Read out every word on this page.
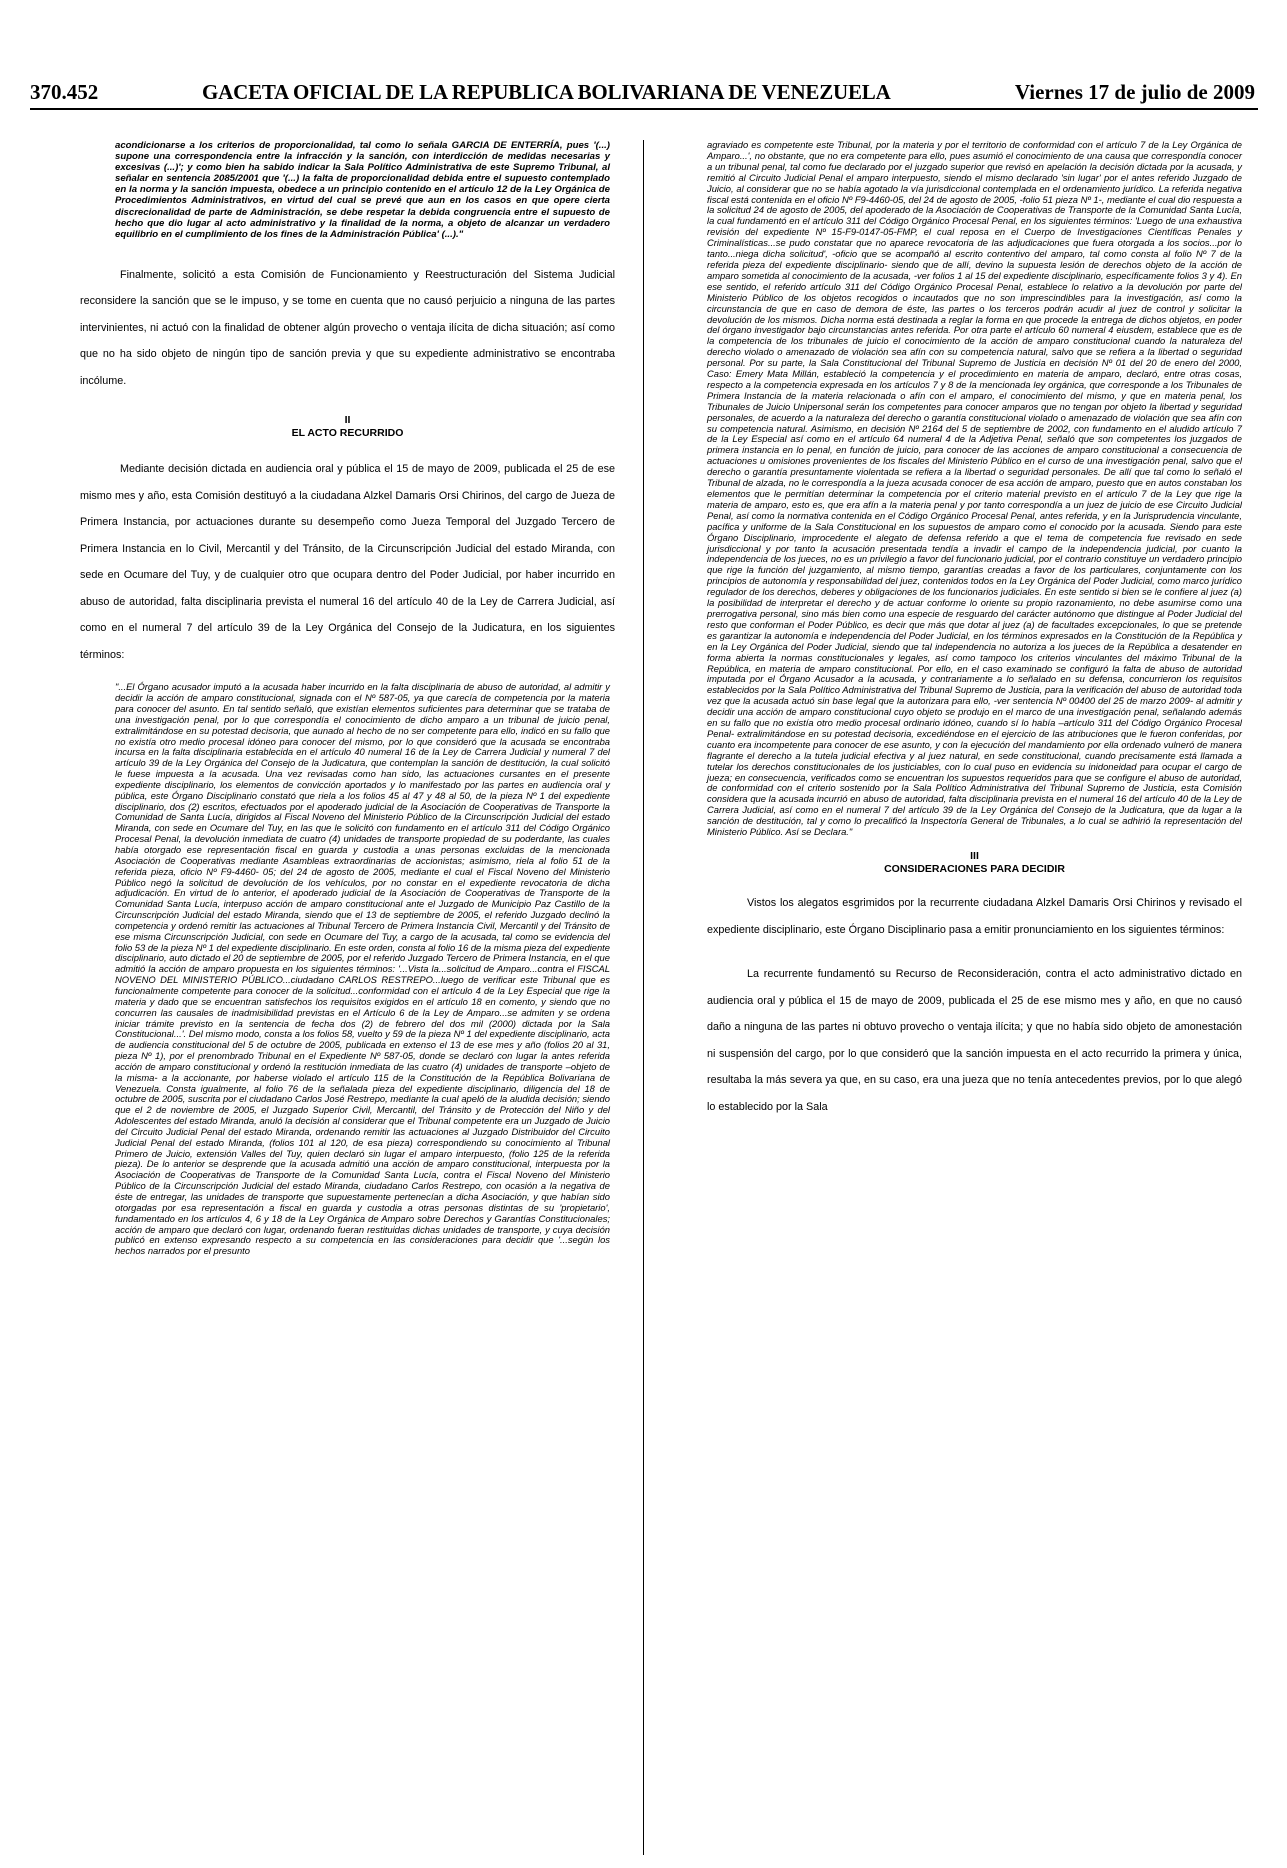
370.452	GACETA OFICIAL DE LA REPUBLICA BOLIVARIANA DE VENEZUELA	Viernes 17 de julio de 2009

acondicionarse a los criterios de proporcionalidad, tal como lo señala GARCIA DE ENTERRÍA, pues '(...) supone una correspondencia entre la infracción y la sanción, con interdicción de medidas necesarias y excesivas (...)'; y como bien ha sabido indicar la Sala Político Administrativa de este Supremo Tribunal, al señalar en sentencia 2085/2001 que '(...) la falta de proporcionalidad debida entre el supuesto contemplado en la norma y la sanción impuesta, obedece a un principio contenido en el artículo 12 de la Ley Orgánica de Procedimientos Administrativos, en virtud del cual se prevé que aun en los casos en que opere cierta discrecionalidad de parte de Administración, se debe respetar la debida congruencia entre el supuesto de hecho que dio lugar al acto administrativo y la finalidad de la norma, a objeto de alcanzar un verdadero equilibrio en el cumplimiento de los fines de la Administración Pública' (...)."

Finalmente, solicitó a esta Comisión de Funcionamiento y Reestructuración del Sistema Judicial reconsidere la sanción que se le impuso, y se tome en cuenta que no causó perjuicio a ninguna de las partes intervinientes, ni actuó con la finalidad de obtener algún provecho o ventaja ilícita de dicha situación; así como que no ha sido objeto de ningún tipo de sanción previa y que su expediente administrativo se encontraba incólume.

II

EL ACTO RECURRIDO

Mediante decisión dictada en audiencia oral y pública el 15 de mayo de 2009, publicada el 25 de ese mismo mes y año, esta Comisión destituyó a la ciudadana Alzkel Damaris Orsi Chirinos, del cargo de Jueza de Primera Instancia, por actuaciones durante su desempeño como Jueza Temporal del Juzgado Tercero de Primera Instancia en lo Civil, Mercantil y del Tránsito, de la Circunscripción Judicial del estado Miranda, con sede en Ocumare del Tuy, y de cualquier otro que ocupara dentro del Poder Judicial, por haber incurrido en abuso de autoridad, falta disciplinaria prevista el numeral 16 del artículo 40 de la Ley de Carrera Judicial, así como en el numeral 7 del artículo 39 de la Ley Orgánica del Consejo de la Judicatura, en los siguientes términos:

"...El Órgano acusador imputó a la acusada haber incurrido en la falta disciplinaria de abuso de autoridad, al admitir y decidir la acción de amparo constitucional, signada con el Nº 587-05, ya que carecía de competencia por la materia para conocer del asunto. En tal sentido señaló, que existían elementos suficientes para determinar que se trataba de una investigación penal, por lo que correspondía el conocimiento de dicho amparo a un tribunal de juicio penal, extralimitándose en su potestad decisoria, que aunado al hecho de no ser competente para ello, indicó en su fallo que no existía otro medio procesal idóneo para conocer del mismo, por lo que consideró que la acusada se encontraba incursa en la falta disciplinaria establecida en el artículo 40 numeral 16 de la Ley de Carrera Judicial y numeral 7 del artículo 39 de la Ley Orgánica del Consejo de la Judicatura, que contemplan la sanción de destitución, la cual solicitó le fuese impuesta a la acusada. Una vez revisadas como han sido, las actuaciones cursantes en el presente expediente disciplinario, los elementos de convicción aportados y lo manifestado por las partes en audiencia oral y pública, este Órgano Disciplinario constató que riela a los folios 45 al 47 y 48 al 50, de la pieza Nº 1 del expediente disciplinario, dos (2) escritos, efectuados por el apoderado judicial de la Asociación de Cooperativas de Transporte la Comunidad de Santa Lucía, dirigidos al Fiscal Noveno del Ministerio Público de la Circunscripción Judicial del estado Miranda, con sede en Ocumare del Tuy, en las que le solicitó con fundamento en el artículo 311 del Código Orgánico Procesal Penal, la devolución inmediata de cuatro (4) unidades de transporte propiedad de su poderdante, las cuales había otorgado ese representación fiscal en guarda y custodia a unas personas excluidas de la mencionada Asociación de Cooperativas mediante Asambleas extraordinarias de accionistas; asimismo, riela al folio 51 de la referida pieza, oficio Nº F9-4460- 05; del 24 de agosto de 2005, mediante el cual el Fiscal Noveno del Ministerio Público negó la solicitud de devolución de los vehículos, por no constar en el expediente revocatoria de dicha adjudicación. En virtud de lo anterior, el apoderado judicial de la Asociación de Cooperativas de Transporte de la Comunidad Santa Lucía, interpuso acción de amparo constitucional ante el Juzgado de Municipio Paz Castillo de la Circunscripción Judicial del estado Miranda, siendo que el 13 de septiembre de 2005, el referido Juzgado declinó la competencia y ordenó remitir las actuaciones al Tribunal Tercero de Primera Instancia Civil, Mercantil y del Tránsito de ese misma Circunscripción Judicial, con sede en Ocumare del Tuy, a cargo de la acusada, tal como se evidencia del folio 53 de la pieza Nº 1 del expediente disciplinario. En este orden, consta al folio 16 de la misma pieza del expediente disciplinario, auto dictado el 20 de septiembre de 2005, por el referido Juzgado Tercero de Primera Instancia, en el que admitió la acción de amparo propuesta en los siguientes términos: '...Vista la...solicitud de Amparo...contra el FISCAL NOVENO DEL MINISTERIO PÚBLICO...ciudadano CARLOS RESTREPO...luego de verificar este Tribunal que es funcionalmente competente para conocer de la solicitud...conformidad con el artículo 4 de la Ley Especial que rige la materia y dado que se encuentran satisfechos los requisitos exigidos en el artículo 18 en comento, y siendo que no concurren las causales de inadmisibilidad previstas en el Artículo 6 de la Ley de Amparo...se admiten y se ordena iniciar trámite previsto en la sentencia de fecha dos (2) de febrero del dos mil (2000) dictada por la Sala Constitucional...'. Del mismo modo, consta a los folios 58, vuelto y 59 de la pieza Nº 1 del expediente disciplinario, acta de audiencia constitucional del 5 de octubre de 2005, publicada en extenso el 13 de ese mes y año (folios 20 al 31, pieza Nº 1), por el prenombrado Tribunal en el Expediente Nº 587-05, donde se declaró con lugar la antes referida acción de amparo constitucional y ordenó la restitución inmediata de las cuatro (4) unidades de transporte –objeto de la misma- a la accionante, por haberse violado el artículo 115 de la Constitución de la República Bolivariana de Venezuela. Consta igualmente, al folio 76 de la señalada pieza del expediente disciplinario, diligencia del 18 de octubre de 2005, suscrita por el ciudadano Carlos José Restrepo, mediante la cual apeló de la aludida decisión; siendo que el 2 de noviembre de 2005, el Juzgado Superior Civil, Mercantil, del Tránsito y de Protección del Niño y del Adolescentes del estado Miranda, anuló la decisión al considerar que el Tribunal competente era un Juzgado de Juicio del Circuito Judicial Penal del estado Miranda, ordenando remitir las actuaciones al Juzgado Distribuidor del Circuito Judicial Penal del estado Miranda, (folios 101 al 120, de esa pieza) correspondiendo su conocimiento al Tribunal Primero de Juicio, extensión Valles del Tuy, quien declaró sin lugar el amparo interpuesto, (folio 125 de la referida pieza). De lo anterior se desprende que la acusada admitió una acción de amparo constitucional, interpuesta por la Asociación de Cooperativas de Transporte de la Comunidad Santa Lucía, contra el Fiscal Noveno del Ministerio Público de la Circunscripción Judicial del estado Miranda, ciudadano Carlos Restrepo, con ocasión a la negativa de éste de entregar, las unidades de transporte que supuestamente pertenecían a dicha Asociación, y que habían sido otorgadas por esa representación a fiscal en guarda y custodia a otras personas distintas de su 'propietario', fundamentado en los artículos 4, 6 y 18 de la Ley Orgánica de Amparo sobre Derechos y Garantías Constitucionales; acción de amparo que declaró con lugar, ordenando fueran restituidas dichas unidades de transporte, y cuya decisión publicó en extenso expresando respecto a su competencia en las consideraciones para decidir que '...según los hechos narrados por el presunto

agraviado es competente este Tribunal, por la materia y por el territorio de conformidad con el artículo 7 de la Ley Orgánica de Amparo...', no obstante, que no era competente para ello, pues asumió el conocimiento de una causa que correspondía conocer a un tribunal penal, tal como fue declarado por el juzgado superior que revisó en apelación la decisión dictada por la acusada, y remitió al Circuito Judicial Penal el amparo interpuesto, siendo el mismo declarado 'sin lugar' por el antes referido Juzgado de Juicio, al considerar que no se había agotado la vía jurisdiccional contemplada en el ordenamiento jurídico. La referida negativa fiscal está contenida en el oficio Nº F9-4460-05, del 24 de agosto de 2005, -folio 51 pieza Nº 1-, mediante el cual dio respuesta a la solicitud 24 de agosto de 2005, del apoderado de la Asociación de Cooperativas de Transporte de la Comunidad Santa Lucía, la cual fundamentó en el artículo 311 del Código Orgánico Procesal Penal, en los siguientes términos: 'Luego de una exhaustiva revisión del expediente Nº 15-F9-0147-05-FMP, el cual reposa en el Cuerpo de Investigaciones Científicas Penales y Criminalísticas...se pudo constatar que no aparece revocatoria de las adjudicaciones que fuera otorgada a los socios...por lo tanto...niega dicha solicitud', -oficio que se acompañó al escrito contentivo del amparo, tal como consta al folio Nº 7 de la referida pieza del expediente disciplinario- siendo que de allí, devino la supuesta lesión de derechos objeto de la acción de amparo sometida al conocimiento de la acusada, -ver folios 1 al 15 del expediente disciplinario, específicamente folios 3 y 4). En ese sentido, el referido artículo 311 del Código Orgánico Procesal Penal, establece lo relativo a la devolución por parte del Ministerio Público de los objetos recogidos o incautados que no son imprescindibles para la investigación, así como la circunstancia de que en caso de demora de éste, las partes o los terceros podrán acudir al juez de control y solicitar la devolución de los mismos. Dicha norma está destinada a reglar la forma en que procede la entrega de dichos objetos, en poder del órgano investigador bajo circunstancias antes referida. Por otra parte el artículo 60 numeral 4 eiusdem, establece que es de la competencia de los tribunales de juicio el conocimiento de la acción de amparo constitucional cuando la naturaleza del derecho violado o amenazado de violación sea afín con su competencia natural, salvo que se refiera a la libertad o seguridad personal. Por su parte, la Sala Constitucional del Tribunal Supremo de Justicia en decisión Nº 01 del 20 de enero del 2000, Caso: Emery Mata Millán, estableció la competencia y el procedimiento en materia de amparo, declaró, entre otras cosas, respecto a la competencia expresada en los artículos 7 y 8 de la mencionada ley orgánica, que corresponde a los Tribunales de Primera Instancia de la materia relacionada o afín con el amparo, el conocimiento del mismo, y que en materia penal, los Tribunales de Juicio Unipersonal serán los competentes para conocer amparos que no tengan por objeto la libertad y seguridad personales, de acuerdo a la naturaleza del derecho o garantía constitucional violado o amenazado de violación que sea afín con su competencia natural. Asimismo, en decisión Nº 2164 del 5 de septiembre de 2002, con fundamento en el aludido artículo 7 de la Ley Especial así como en el artículo 64 numeral 4 de la Adjetiva Penal, señaló que son competentes los juzgados de primera instancia en lo penal, en función de juicio, para conocer de las acciones de amparo constitucional a consecuencia de actuaciones u omisiones provenientes de los fiscales del Ministerio Público en el curso de una investigación penal, salvo que el derecho o garantía presuntamente violentada se refiera a la libertad o seguridad personales. De allí que tal como lo señaló el Tribunal de alzada, no le correspondía a la jueza acusada conocer de esa acción de amparo, puesto que en autos constaban los elementos que le permitían determinar la competencia por el criterio material previsto en el artículo 7 de la Ley que rige la materia de amparo, esto es, que era afín a la materia penal y por tanto correspondía a un juez de juicio de ese Circuito Judicial Penal, así como la normativa contenida en el Código Orgánico Procesal Penal, antes referida, y en la Jurisprudencia vinculante, pacífica y uniforme de la Sala Constitucional en los supuestos de amparo como el conocido por la acusada. Siendo para este Órgano Disciplinario, improcedente el alegato de defensa referido a que el tema de competencia fue revisado en sede jurisdiccional y por tanto la acusación presentada tendía a invadir el campo de la independencia judicial, por cuanto la independencia de los jueces, no es un privilegio a favor del funcionario judicial, por el contrario constituye un verdadero principio que rige la función del juzgamiento, al mismo tiempo, garantías creadas a favor de los particulares, conjuntamente con los principios de autonomía y responsabilidad del juez, contenidos todos en la Ley Orgánica del Poder Judicial, como marco jurídico regulador de los derechos, deberes y obligaciones de los funcionarios judiciales. En este sentido si bien se le confiere al juez (a) la posibilidad de interpretar el derecho y de actuar conforme lo oriente su propio razonamiento, no debe asumirse como una prerrogativa personal, sino más bien como una especie de resguardo del carácter autónomo que distingue al Poder Judicial del resto que conforman el Poder Público, es decir que más que dotar al juez (a) de facultades excepcionales, lo que se pretende es garantizar la autonomía e independencia del Poder Judicial, en los términos expresados en la Constitución de la República y en la Ley Orgánica del Poder Judicial, siendo que tal independencia no autoriza a los jueces de la República a desatender en forma abierta la normas constitucionales y legales, así como tampoco los criterios vinculantes del máximo Tribunal de la República, en materia de amparo constitucional. Por ello, en el caso examinado se configuró la falta de abuso de autoridad imputada por el Órgano Acusador a la acusada, y contrariamente a lo señalado en su defensa, concurrieron los requisitos establecidos por la Sala Político Administrativa del Tribunal Supremo de Justicia, para la verificación del abuso de autoridad toda vez que la acusada actuó sin base legal que la autorizara para ello, -ver sentencia Nº 00400 del 25 de marzo 2009- al admitir y decidir una acción de amparo constitucional cuyo objeto se produjo en el marco de una investigación penal, señalando además en su fallo que no existía otro medio procesal ordinario idóneo, cuando sí lo había –artículo 311 del Código Orgánico Procesal Penal- extralimitándose en su potestad decisoria, excediéndose en el ejercicio de las atribuciones que le fueron conferidas, por cuanto era incompetente para conocer de ese asunto, y con la ejecución del mandamiento por ella ordenado vulneró de manera flagrante el derecho a la tutela judicial efectiva y al juez natural, en sede constitucional, cuando precisamente está llamada a tutelar los derechos constitucionales de los justiciables, con lo cual puso en evidencia su inidoneidad para ocupar el cargo de jueza; en consecuencia, verificados como se encuentran los supuestos requeridos para que se configure el abuso de autoridad, de conformidad con el criterio sostenido por la Sala Político Administrativa del Tribunal Supremo de Justicia, esta Comisión considera que la acusada incurrió en abuso de autoridad, falta disciplinaria prevista en el numeral 16 del artículo 40 de la Ley de Carrera Judicial, así como en el numeral 7 del artículo 39 de la Ley Orgánica del Consejo de la Judicatura, que da lugar a la sanción de destitución, tal y como lo precalificó la Inspectoría General de Tribunales, a lo cual se adhirió la representación del Ministerio Público. Así se Declara."

III

CONSIDERACIONES PARA DECIDIR

Vistos los alegatos esgrimidos por la recurrente ciudadana Alzkel Damaris Orsi Chirinos y revisado el expediente disciplinario, este Órgano Disciplinario pasa a emitir pronunciamiento en los siguientes términos:

La recurrente fundamentó su Recurso de Reconsideración, contra el acto administrativo dictado en audiencia oral y pública el 15 de mayo de 2009, publicada el 25 de ese mismo mes y año, en que no causó daño a ninguna de las partes ni obtuvo provecho o ventaja ilícita; y que no había sido objeto de amonestación ni suspensión del cargo, por lo que consideró que la sanción impuesta en el acto recurrido la primera y única, resultaba la más severa ya que, en su caso, era una jueza que no tenía antecedentes previos, por lo que alegó lo establecido por la Sala
